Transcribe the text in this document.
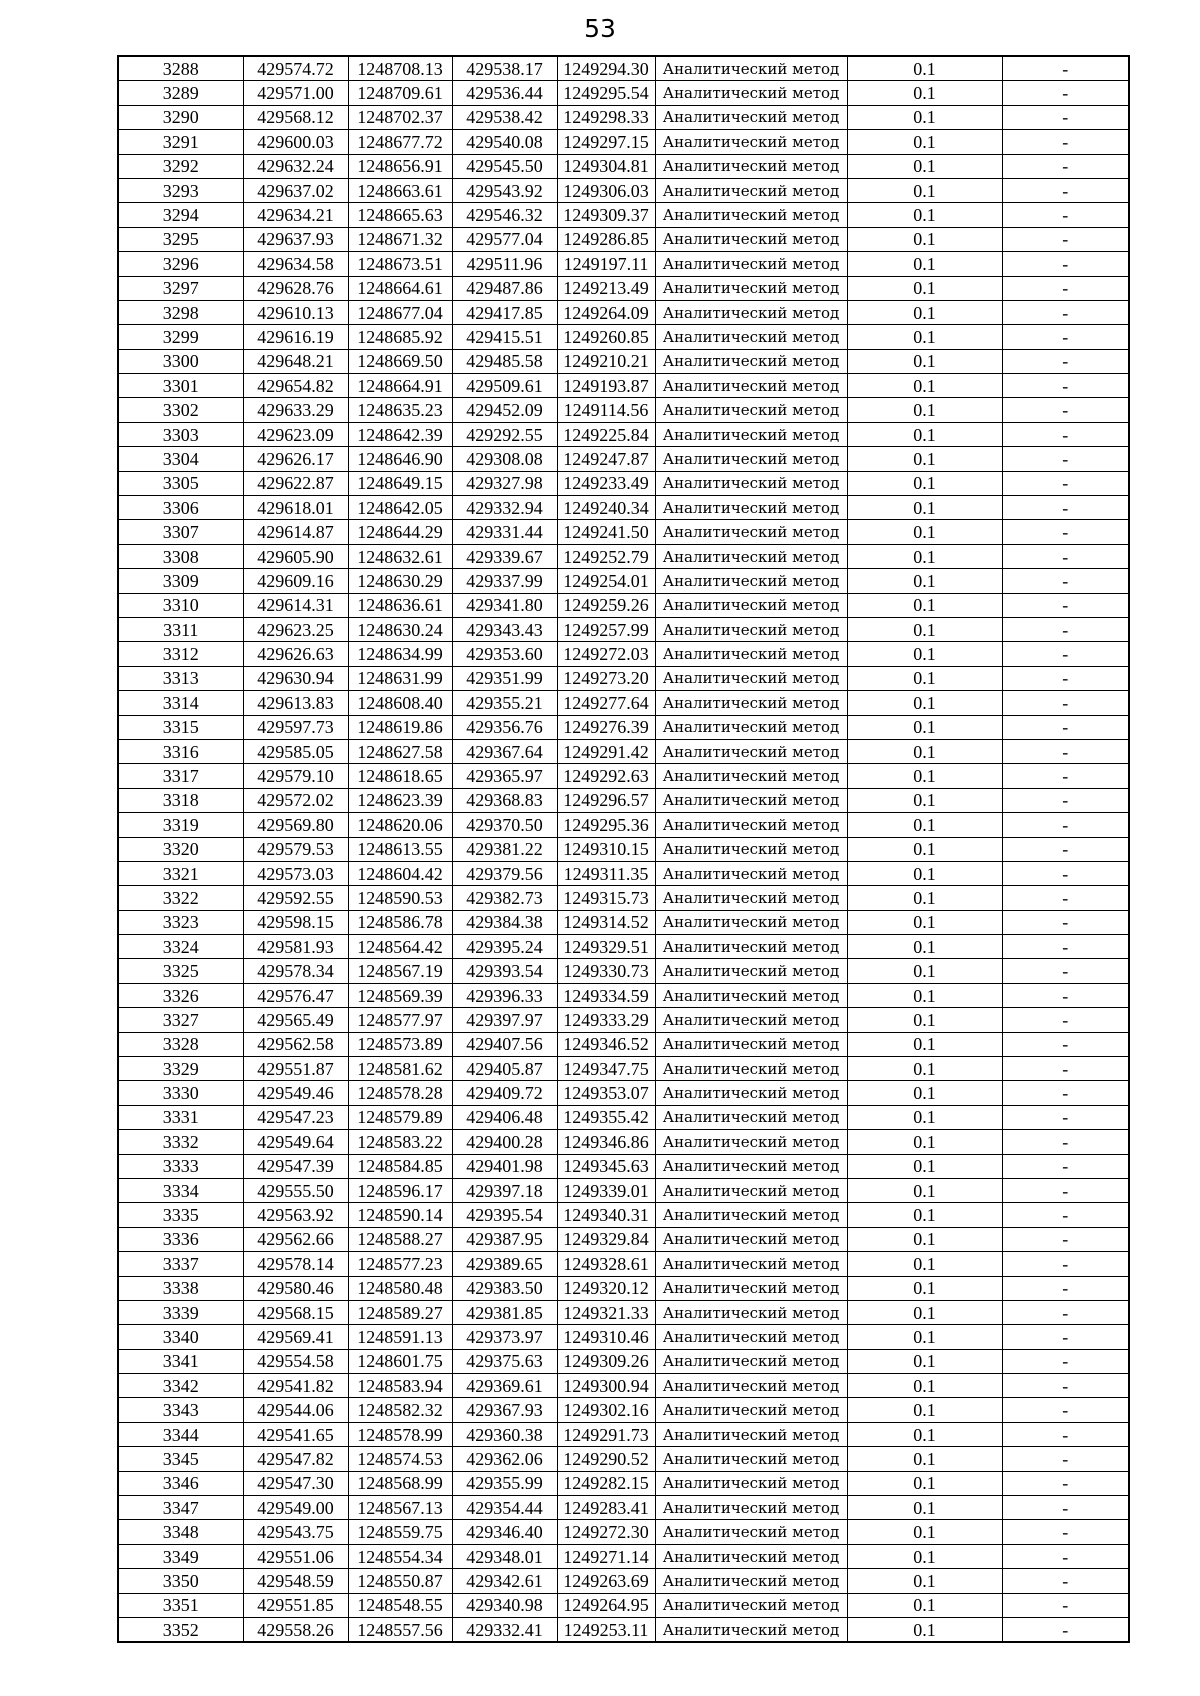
53
3288	429574.72	1248708.13	429538.17	1249294.30	Аналитический метод	0.1	-
3289	429571.00	1248709.61	429536.44	1249295.54	Аналитический метод	0.1	-
3290	429568.12	1248702.37	429538.42	1249298.33	Аналитический метод	0.1	-
3291	429600.03	1248677.72	429540.08	1249297.15	Аналитический метод	0.1	-
3292	429632.24	1248656.91	429545.50	1249304.81	Аналитический метод	0.1	-
3293	429637.02	1248663.61	429543.92	1249306.03	Аналитический метод	0.1	-
3294	429634.21	1248665.63	429546.32	1249309.37	Аналитический метод	0.1	-
3295	429637.93	1248671.32	429577.04	1249286.85	Аналитический метод	0.1	-
3296	429634.58	1248673.51	429511.96	1249197.11	Аналитический метод	0.1	-
3297	429628.76	1248664.61	429487.86	1249213.49	Аналитический метод	0.1	-
3298	429610.13	1248677.04	429417.85	1249264.09	Аналитический метод	0.1	-
3299	429616.19	1248685.92	429415.51	1249260.85	Аналитический метод	0.1	-
3300	429648.21	1248669.50	429485.58	1249210.21	Аналитический метод	0.1	-
3301	429654.82	1248664.91	429509.61	1249193.87	Аналитический метод	0.1	-
3302	429633.29	1248635.23	429452.09	1249114.56	Аналитический метод	0.1	-
3303	429623.09	1248642.39	429292.55	1249225.84	Аналитический метод	0.1	-
3304	429626.17	1248646.90	429308.08	1249247.87	Аналитический метод	0.1	-
3305	429622.87	1248649.15	429327.98	1249233.49	Аналитический метод	0.1	-
3306	429618.01	1248642.05	429332.94	1249240.34	Аналитический метод	0.1	-
3307	429614.87	1248644.29	429331.44	1249241.50	Аналитический метод	0.1	-
3308	429605.90	1248632.61	429339.67	1249252.79	Аналитический метод	0.1	-
3309	429609.16	1248630.29	429337.99	1249254.01	Аналитический метод	0.1	-
3310	429614.31	1248636.61	429341.80	1249259.26	Аналитический метод	0.1	-
3311	429623.25	1248630.24	429343.43	1249257.99	Аналитический метод	0.1	-
3312	429626.63	1248634.99	429353.60	1249272.03	Аналитический метод	0.1	-
3313	429630.94	1248631.99	429351.99	1249273.20	Аналитический метод	0.1	-
3314	429613.83	1248608.40	429355.21	1249277.64	Аналитический метод	0.1	-
3315	429597.73	1248619.86	429356.76	1249276.39	Аналитический метод	0.1	-
3316	429585.05	1248627.58	429367.64	1249291.42	Аналитический метод	0.1	-
3317	429579.10	1248618.65	429365.97	1249292.63	Аналитический метод	0.1	-
3318	429572.02	1248623.39	429368.83	1249296.57	Аналитический метод	0.1	-
3319	429569.80	1248620.06	429370.50	1249295.36	Аналитический метод	0.1	-
3320	429579.53	1248613.55	429381.22	1249310.15	Аналитический метод	0.1	-
3321	429573.03	1248604.42	429379.56	1249311.35	Аналитический метод	0.1	-
3322	429592.55	1248590.53	429382.73	1249315.73	Аналитический метод	0.1	-
3323	429598.15	1248586.78	429384.38	1249314.52	Аналитический метод	0.1	-
3324	429581.93	1248564.42	429395.24	1249329.51	Аналитический метод	0.1	-
3325	429578.34	1248567.19	429393.54	1249330.73	Аналитический метод	0.1	-
3326	429576.47	1248569.39	429396.33	1249334.59	Аналитический метод	0.1	-
3327	429565.49	1248577.97	429397.97	1249333.29	Аналитический метод	0.1	-
3328	429562.58	1248573.89	429407.56	1249346.52	Аналитический метод	0.1	-
3329	429551.87	1248581.62	429405.87	1249347.75	Аналитический метод	0.1	-
3330	429549.46	1248578.28	429409.72	1249353.07	Аналитический метод	0.1	-
3331	429547.23	1248579.89	429406.48	1249355.42	Аналитический метод	0.1	-
3332	429549.64	1248583.22	429400.28	1249346.86	Аналитический метод	0.1	-
3333	429547.39	1248584.85	429401.98	1249345.63	Аналитический метод	0.1	-
3334	429555.50	1248596.17	429397.18	1249339.01	Аналитический метод	0.1	-
3335	429563.92	1248590.14	429395.54	1249340.31	Аналитический метод	0.1	-
3336	429562.66	1248588.27	429387.95	1249329.84	Аналитический метод	0.1	-
3337	429578.14	1248577.23	429389.65	1249328.61	Аналитический метод	0.1	-
3338	429580.46	1248580.48	429383.50	1249320.12	Аналитический метод	0.1	-
3339	429568.15	1248589.27	429381.85	1249321.33	Аналитический метод	0.1	-
3340	429569.41	1248591.13	429373.97	1249310.46	Аналитический метод	0.1	-
3341	429554.58	1248601.75	429375.63	1249309.26	Аналитический метод	0.1	-
3342	429541.82	1248583.94	429369.61	1249300.94	Аналитический метод	0.1	-
3343	429544.06	1248582.32	429367.93	1249302.16	Аналитический метод	0.1	-
3344	429541.65	1248578.99	429360.38	1249291.73	Аналитический метод	0.1	-
3345	429547.82	1248574.53	429362.06	1249290.52	Аналитический метод	0.1	-
3346	429547.30	1248568.99	429355.99	1249282.15	Аналитический метод	0.1	-
3347	429549.00	1248567.13	429354.44	1249283.41	Аналитический метод	0.1	-
3348	429543.75	1248559.75	429346.40	1249272.30	Аналитический метод	0.1	-
3349	429551.06	1248554.34	429348.01	1249271.14	Аналитический метод	0.1	-
3350	429548.59	1248550.87	429342.61	1249263.69	Аналитический метод	0.1	-
3351	429551.85	1248548.55	429340.98	1249264.95	Аналитический метод	0.1	-
3352	429558.26	1248557.56	429332.41	1249253.11	Аналитический метод	0.1	-
